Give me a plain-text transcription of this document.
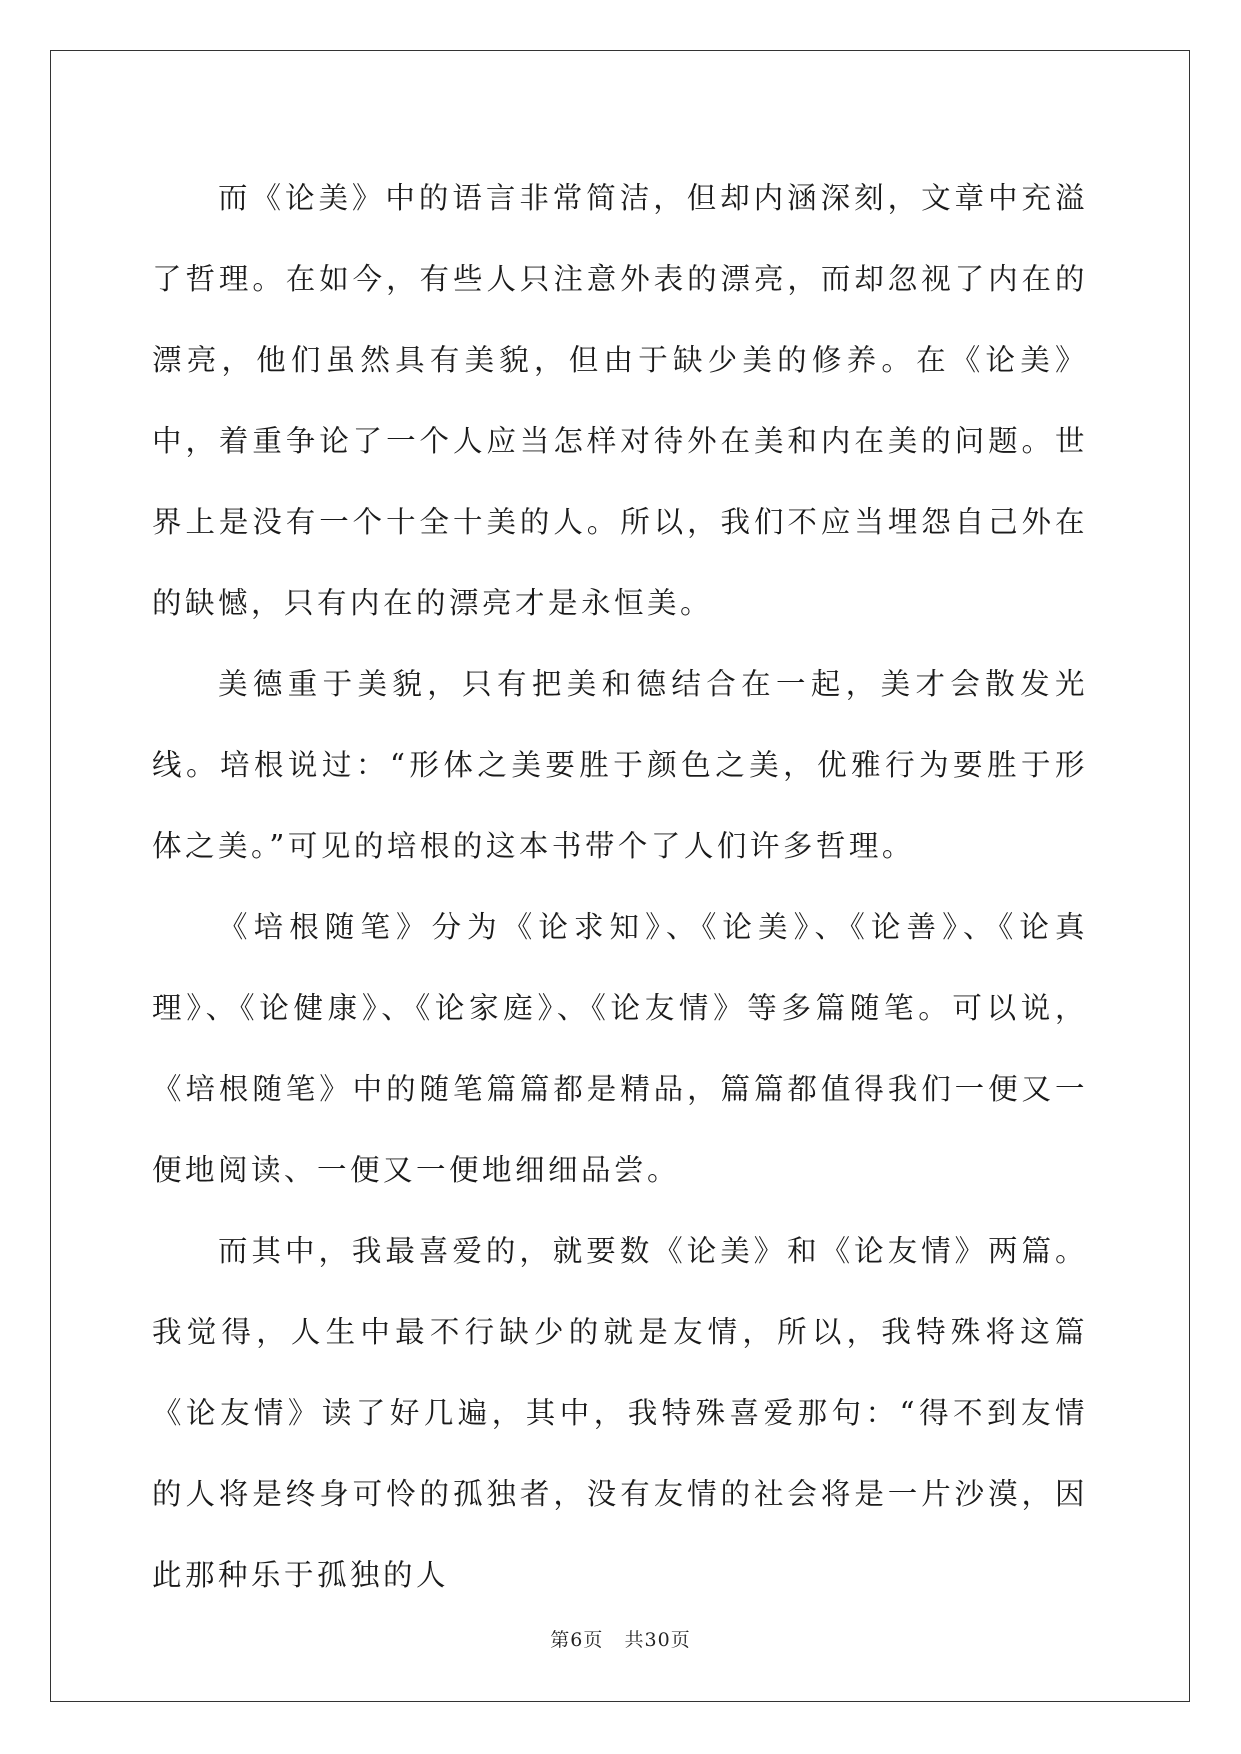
而《论美》中的语言非常简洁，但却内涵深刻，文章中充溢了哲理。在如今，有些人只注意外表的漂亮，而却忽视了内在的漂亮，他们虽然具有美貌，但由于缺少美的修养。在《论美》中，着重争论了一个人应当怎样对待外在美和内在美的问题。世界上是没有一个十全十美的人。所以，我们不应当埋怨自己外在的缺憾，只有内在的漂亮才是永恒美。

美德重于美貌，只有把美和德结合在一起，美才会散发光线。培根说过：“形体之美要胜于颜色之美，优雅行为要胜于形体之美。”可见的培根的这本书带个了人们许多哲理。

《培根随笔》分为《论求知》、《论美》、《论善》、《论真理》、《论健康》、《论家庭》、《论友情》等多篇随笔。可以说，《培根随笔》中的随笔篇篇都是精品，篇篇都值得我们一便又一便地阅读、一便又一便地细细品尝。

而其中，我最喜爱的，就要数《论美》和《论友情》两篇。我觉得，人生中最不行缺少的就是友情，所以，我特殊将这篇《论友情》读了好几遍，其中，我特殊喜爱那句：“得不到友情的人将是终身可怜的孤独者，没有友情的社会将是一片沙漠，因此那种乐于孤独的人

第6页 共30页
